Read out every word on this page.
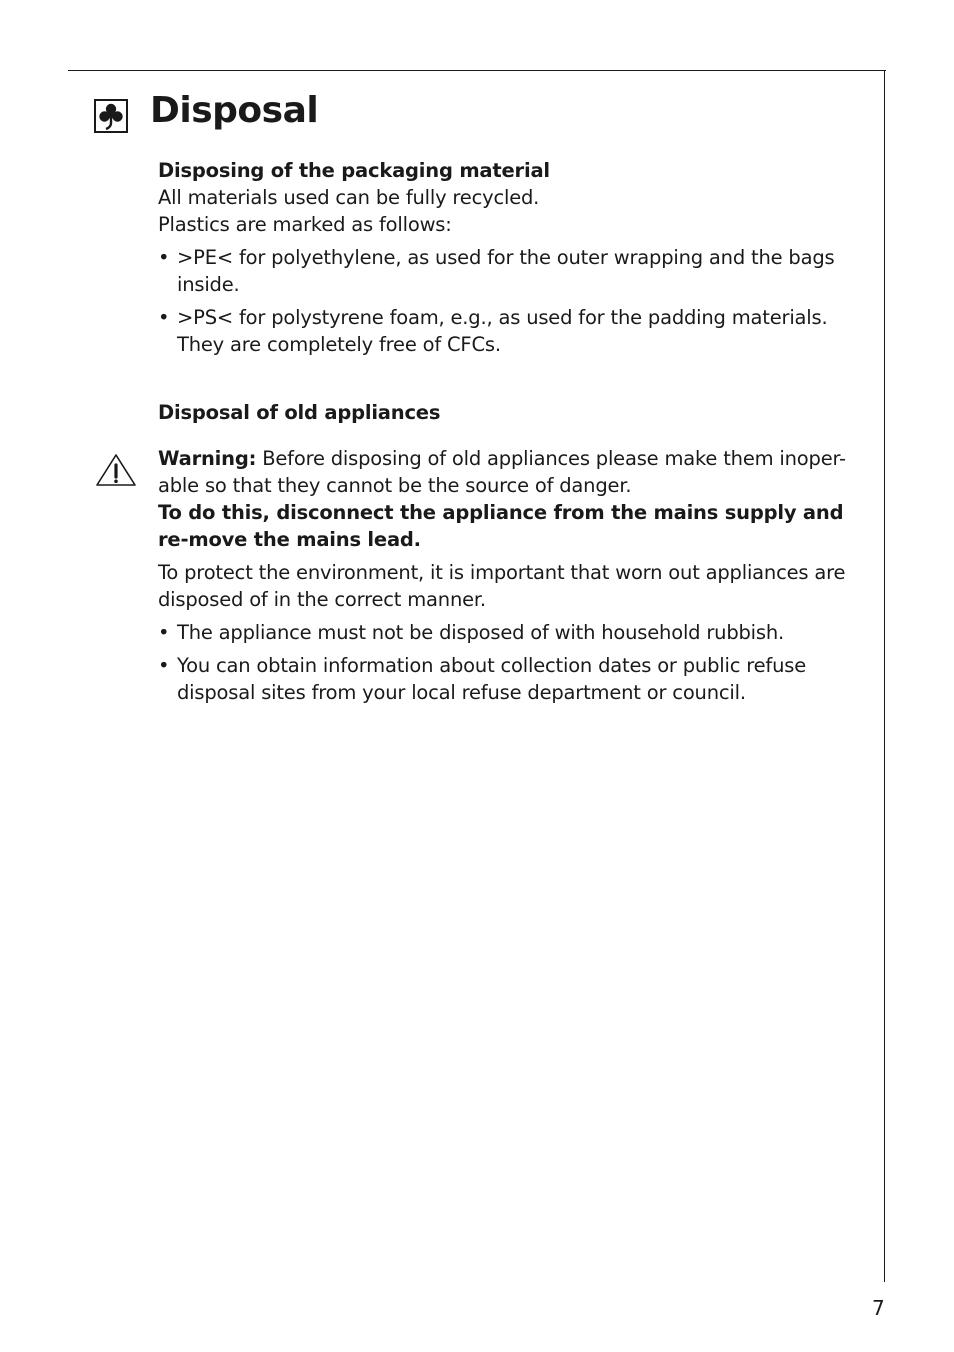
Disposal

Disposing of the packaging material

All materials used can be fully recycled.

Plastics are marked as follows:

• >PE< for polyethylene, as used for the outer wrapping and the bags inside.
• >PS< for polystyrene foam, e.g., as used for the padding materials. They are completely free of CFCs.

Disposal of old appliances

Warning: Before disposing of old appliances please make them inoper-able so that they cannot be the source of danger.

To do this, disconnect the appliance from the mains supply and re-move the mains lead.

To protect the environment, it is important that worn out appliances are disposed of in the correct manner.

• The appliance must not be disposed of with household rubbish.
• You can obtain information about collection dates or public refuse disposal sites from your local refuse department or council.
7
